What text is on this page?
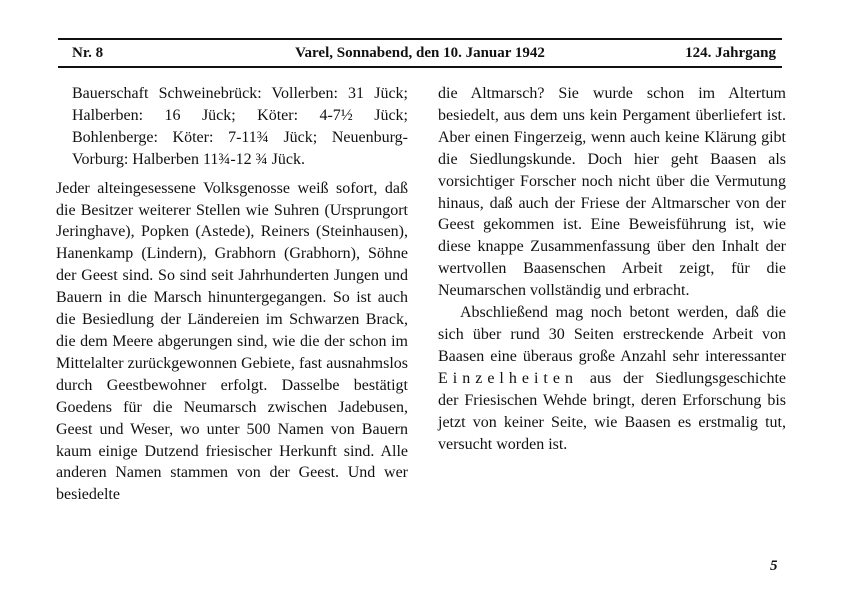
Nr. 8	Varel, Sonnabend, den 10. Januar 1942	124. Jahrgang

Bauerschaft Schweinebrück: Vollerben: 31 Jück; Halberben: 16 Jück; Köter: 4-7½ Jück; Bohlenberge: Köter: 7-11¾ Jück; Neuenburg-Vorburg: Halberben 11¾-12 ¾ Jück.

Jeder alteingesessene Volksgenosse weiß sofort, daß die Besitzer weiterer Stellen wie Suhren (Ursprungort Jeringhave), Popken (Astede), Reiners (Steinhausen), Hanenkamp (Lindern), Grabhorn (Grabhorn), Söhne der Geest sind. So sind seit Jahrhunderten Jungen und Bauern in die Marsch hinuntergegangen. So ist auch die Besiedlung der Ländereien im Schwarzen Brack, die dem Meere abgerungen sind, wie die der schon im Mittelalter zurückgewonnen Gebiete, fast ausnahmslos durch Geestbewohner erfolgt. Dasselbe bestätigt Goedens für die Neumarsch zwischen Jadebusen, Geest und Weser, wo unter 500 Namen von Bauern kaum einige Dutzend friesischer Herkunft sind. Alle anderen Namen stammen von der Geest. Und wer besiedelte

die Altmarsch? Sie wurde schon im Altertum besiedelt, aus dem uns kein Pergament überliefert ist. Aber einen Fingerzeig, wenn auch keine Klärung gibt die Siedlungskunde. Doch hier geht Baasen als vorsichtiger Forscher noch nicht über die Vermutung hinaus, daß auch der Friese der Altmarscher von der Geest gekommen ist. Eine Beweisführung ist, wie diese knappe Zusammenfassung über den Inhalt der wertvollen Baasenschen Arbeit zeigt, für die Neumarschen vollständig und erbracht.

Abschließend mag noch betont werden, daß die sich über rund 30 Seiten erstreckende Arbeit von Baasen eine überaus große Anzahl sehr interessanter Einzelheiten aus der Siedlungsgeschichte der Friesischen Wehde bringt, deren Erforschung bis jetzt von keiner Seite, wie Baasen es erstmalig tut, versucht worden ist.

5
